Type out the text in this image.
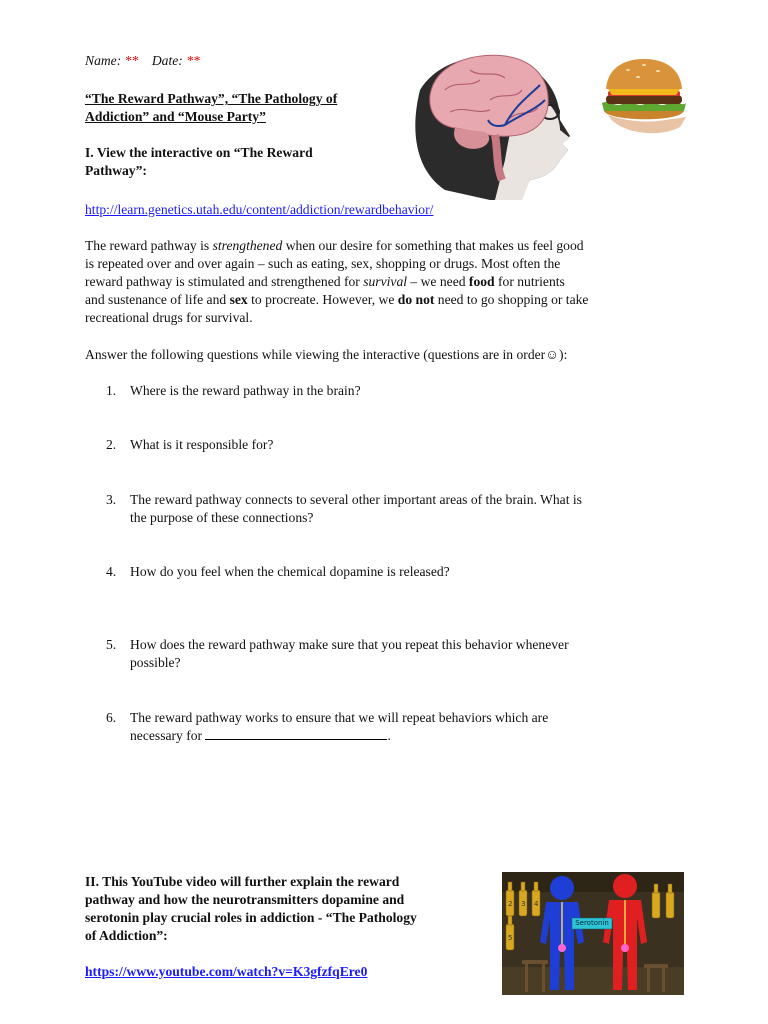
Name: ** Date: **
“The Reward Pathway”, “The Pathology of
Addiction” and “Mouse Party”
I. View the interactive on “The Reward
Pathway”:
http://learn.genetics.utah.edu/content/addiction/rewardbehavior/
The reward pathway is strengthened when our desire for something that makes us feel good
is repeated over and over again – such as eating, sex, shopping or drugs. Most often the
reward pathway is stimulated and strengthened for survival – we need food for nutrients
and sustenance of life and sex to procreate. However, we do not need to go shopping or take
recreational drugs for survival.
Answer the following questions while viewing the interactive (questions are in order☺):
1.	Where is the reward pathway in the brain?
2.	What is it responsible for?
3.	The reward pathway connects to several other important areas of the brain. What is
the purpose of these connections?
4.	How do you feel when the chemical dopamine is released?
5.	How does the reward pathway make sure that you repeat this behavior whenever
possible?
6.	The reward pathway works to ensure that we will repeat behaviors which are
necessary for	.
II. This YouTube video will further explain the reward
pathway and how the neurotransmitters dopamine and
serotonin play crucial roles in addiction - “The Pathology
of Addiction”:
https://www.youtube.com/watch?v=K3gfzfqEre0
2 3 4
5
Serotonin
